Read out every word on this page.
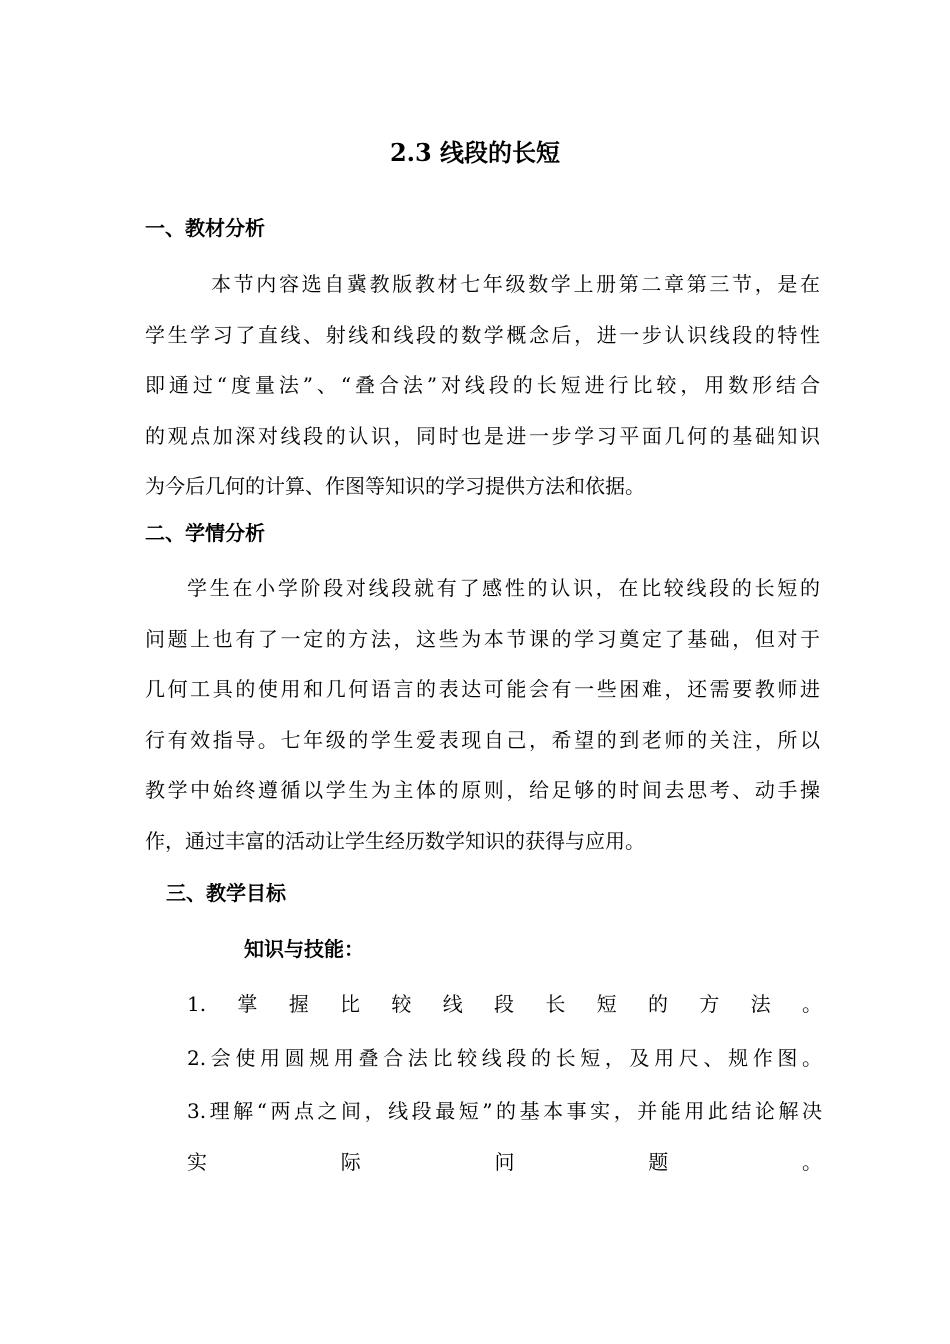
2.3 线段的长短
一、教材分析
本节内容选自冀教版教材七年级数学上册第二章第三节，是在
学生学习了直线、射线和线段的数学概念后，进一步认识线段的特性
即通过“度量法”、“叠合法”对线段的长短进行比较，用数形结合
的观点加深对线段的认识，同时也是进一步学习平面几何的基础知识
为今后几何的计算、作图等知识的学习提供方法和依据。
二、学情分析
学生在小学阶段对线段就有了感性的认识，在比较线段的长短的
问题上也有了一定的方法，这些为本节课的学习奠定了基础，但对于
几何工具的使用和几何语言的表达可能会有一些困难，还需要教师进
行有效指导。七年级的学生爱表现自己，希望的到老师的关注，所以
教学中始终遵循以学生为主体的原则，给足够的时间去思考、动手操
作，通过丰富的活动让学生经历数学知识的获得与应用。
三、教学目标
知识与技能：
1.掌握比较线段长短的方法。
2.会使用圆规用叠合法比较线段的长短，及用尺、规作图。
3.理解“两点之间，线段最短”的基本事实，并能用此结论解决
实际问题。
